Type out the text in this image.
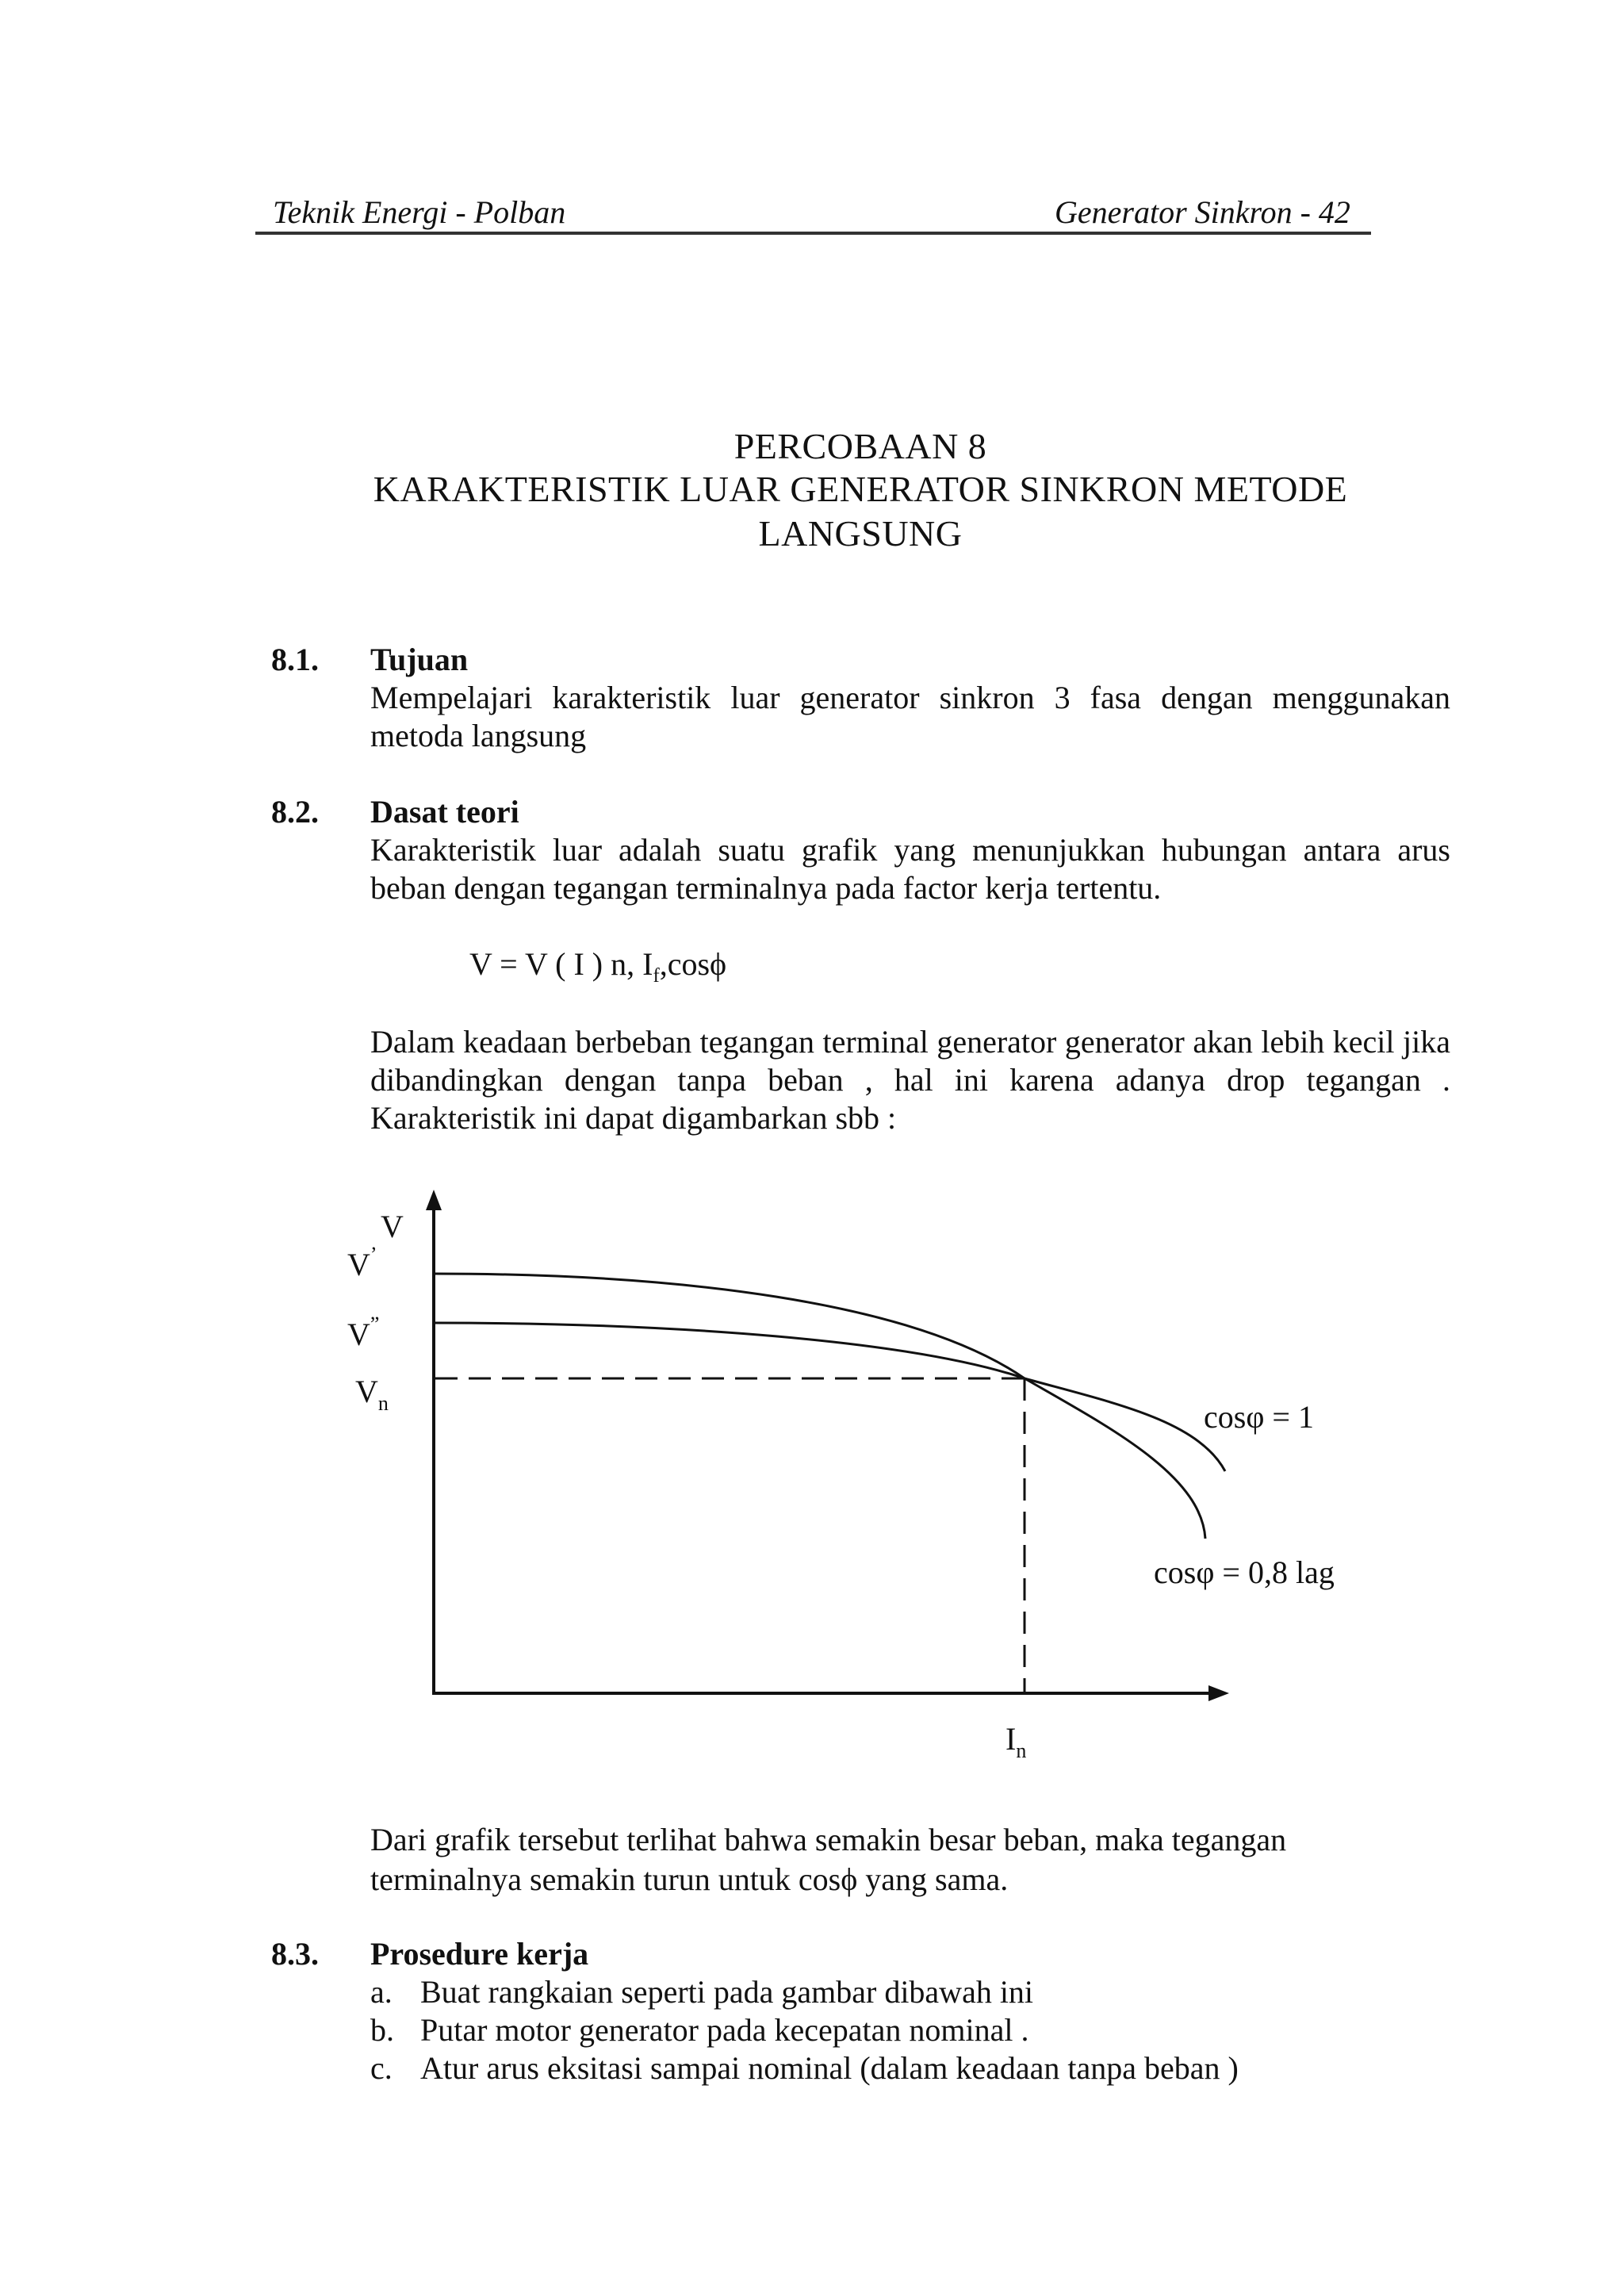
Teknik Energi - Polban	Generator Sinkron - 42
PERCOBAAN 8
KARAKTERISTIK LUAR GENERATOR SINKRON METODE
LANGSUNG
8.1. Tujuan
Mempelajari karakteristik luar generator sinkron 3 fasa dengan menggunakan metoda langsung
8.2. Dasat teori
Karakteristik luar adalah suatu grafik yang menunjukkan hubungan antara arus beban dengan tegangan terminalnya pada factor kerja tertentu.
V = V ( I ) n, $I_f,\cos\phi$
Dalam keadaan berbeban tegangan terminal generator generator akan lebih kecil jika dibandingkan dengan tanpa beban , hal ini karena adanya drop tegangan . Karakteristik ini dapat digambarkan sbb :
V
V’
V”
$V_n$
$I_n$
cosφ = 1
cosφ = 0,8 lag
Dari grafik tersebut terlihat bahwa semakin besar beban, maka tegangan
terminalnya semakin turun untuk cosϕ yang sama.
8.3. Prosedure kerja
a. Buat rangkaian seperti pada gambar dibawah ini
b. Putar motor generator pada kecepatan nominal .
c. Atur arus eksitasi sampai nominal (dalam keadaan tanpa beban )
